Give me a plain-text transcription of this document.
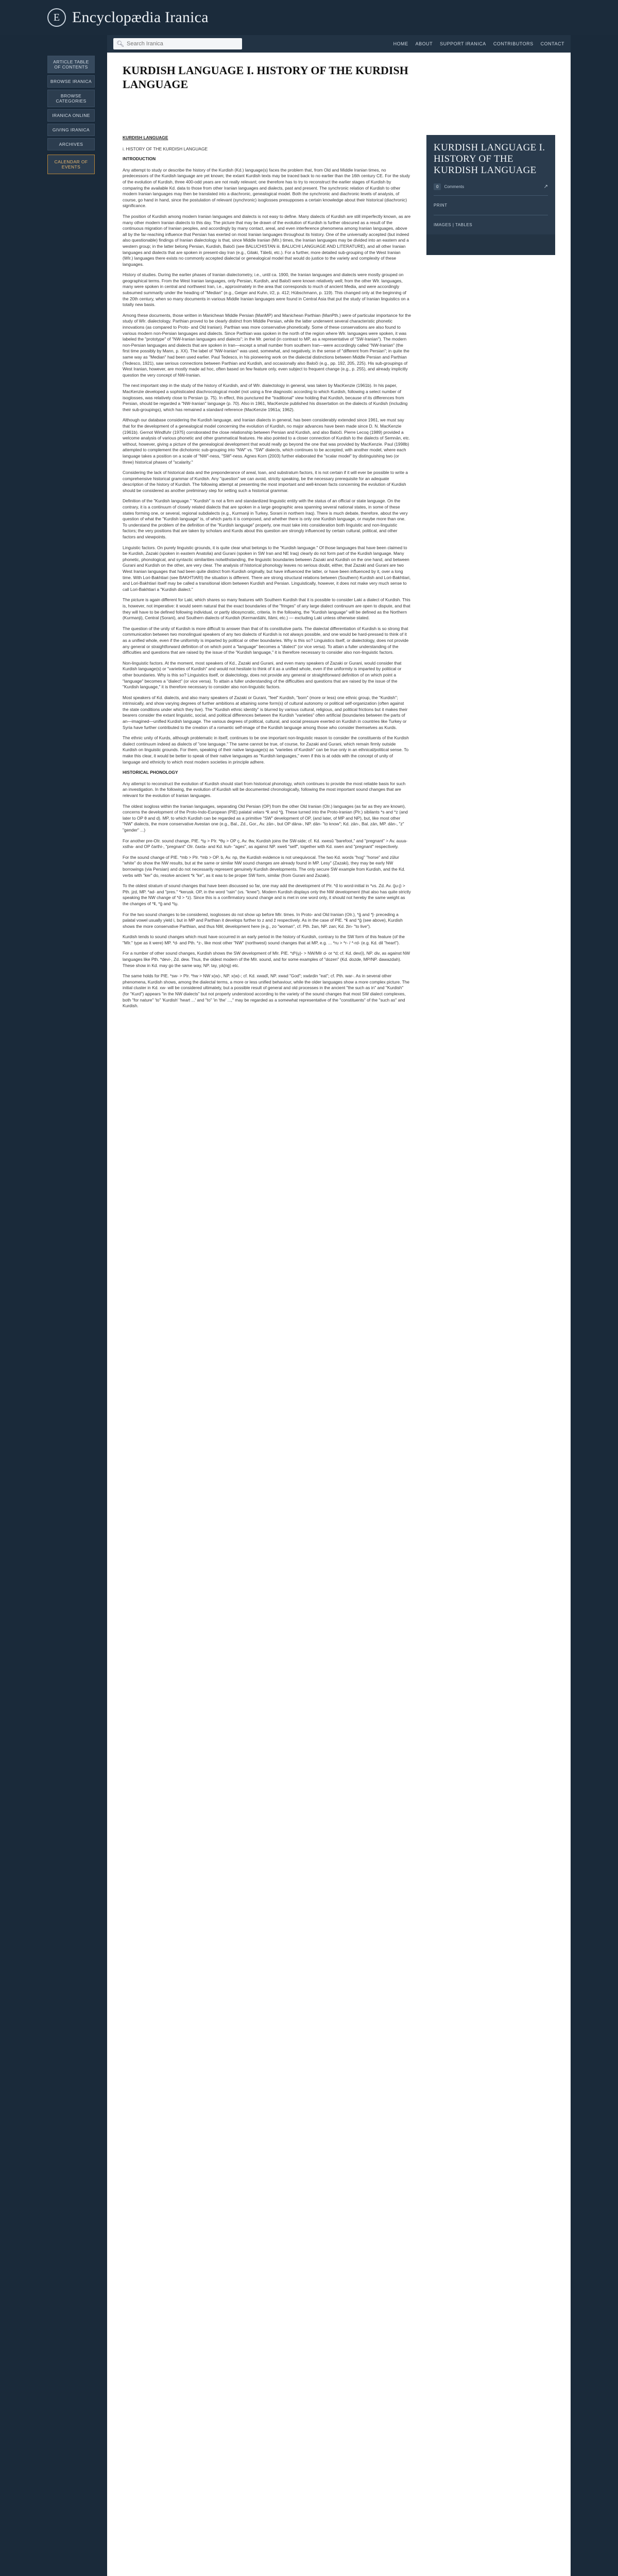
E Encyclopædia Iranica
🔍︎
Search Iranica	HOME ABOUT SUPPORT IRANICA CONTRIBUTORS CONTACT
ARTICLE TABLE OF CONTENTS
BROWSE IRANICA
BROWSE CATEGORIES
IRANICA ONLINE
GIVING IRANICA
ARCHIVES
CALENDAR OF EVENTS
KURDISH LANGUAGE I. HISTORY OF THE KURDISH LANGUAGE

KURDISH LANGUAGE

i. HISTORY OF THE KURDISH LANGUAGE

INTRODUCTION

Any attempt to study or describe the history of the Kurdish (Kd.) language(s) faces the problem that, from Old and Middle Iranian times, no predecessors of the Kurdish language are yet known; the extant Kurdish texts may be traced back to no earlier than the 16th century CE. For the study of the evolution of Kurdish, three 400-odd years are not really relevant; one therefore has to try to reconstruct the earlier stages of Kurdish by comparing the available Kd. data to those from other Iranian languages and dialects, past and present. The synchronic relation of Kurdish to other modern Iranian languages may then be translated into a diachronic, genealogical model. Both the synchronic and diachronic levels of analysis, of course, go hand in hand, since the postulation of relevant (synchronic) isoglosses presupposes a certain knowledge about their historical (diachronic) significance.

The position of Kurdish among modern Iranian languages and dialects is not easy to define. Many dialects of Kurdish are still imperfectly known, as are many other modern Iranian dialects to this day. The picture that may be drawn of the evolution of Kurdish is further obscured as a result of the continuous migration of Iranian peoples, and accordingly by many contact, areal, and even interference phenomena among Iranian languages, above all by the far-reaching influence that Persian has exerted on most Iranian languages throughout its history. One of the universally accepted (but indeed also questionable) findings of Iranian dialectology is that, since Middle Iranian (MIr.) times, the Iranian languages may be divided into an eastern and a western group; in the latter belong Persian, Kurdish, Baloči (see BALUCHISTAN iii. BALUCHI LANGUAGE AND LITERATURE), and all other Iranian languages and dialects that are spoken in present-day Iran (e.g., Gilaki, Tāleši, etc.). For a further, more detailed sub-grouping of the West Iranian (WIr.) languages there exists no commonly accepted dialectal or genealogical model that would do justice to the variety and complexity of these languages.

History of studies. During the earlier phases of Iranian dialectometry, i.e., until ca. 1900, the Iranian languages and dialects were mostly grouped on geographical terms. From the West Iranian languages, only Persian, Kurdish, and Baloči were known relatively well; from the other WIr. languages, many were spoken in central and northwest Iran, i.e., approximately in the area that corresponds to much of ancient Media, and were accordingly subsumed summarily under the heading of "Median" (e.g., Geiger and Kuhn, I/2, p. 412; Hübschmann, p. 119). This changed only at the beginning of the 20th century, when so many documents in various Middle Iranian languages were found in Central Asia that put the study of Iranian linguistics on a totally new basis.

Among these documents, those written in Manichean Middle Persian (ManMP) and Manichean Parthian (ManPth.) were of particular importance for the study of WIr. dialectology. Parthian proved to be clearly distinct from Middle Persian, while the latter underwent several characteristic phonetic innovations (as compared to Proto- and Old Iranian). Parthian was more conservative phonetically. Some of these conservations are also found to various modern non-Persian languages and dialects. Since Parthian was spoken in the north of the region where WIr. languages were spoken, it was labeled the "prototype" of "NW-Iranian languages and dialects"; in the Mr. period (in contrast to MP, as a representative of "SW-Iranian"). The modern non-Persian languages and dialects that are spoken in Iran—except a small number from southern Iran—were accordingly called "NW-Iranian" (the first time possibly by Mann, p. XX). The label of "NW-Iranian" was used, somewhat, and negatively, in the sense of "different from Persian"; in quite the same way as "Median" had been used earlier. Paul Tedesco, in his pioneering work on the dialectal distinctions between Middle Persian and Parthian (Tedesco, 1921), saw serious connections between Parthian and Kurdish, and occasionally also Baloči (e.g., pp. 192, 205, 225). His sub-groupings of West Iranian, however, are mostly made ad hoc, often based on few feature only, even subject to frequent change (e.g., p. 255), and already implicitly question the very concept of NW-Iranian.

The next important step in the study of the history of Kurdish, and of WIr. dialectology in general, was taken by MacKenzie (1961b). In his paper, MacKenzie developed a sophisticated diachrocological model (not using a fine diagnostic according to which Kurdish, following a select number of isoglosses, was relatively close to Persian (p. 75). In effect, this punctured the "traditional" view holding that Kurdish, because of its differences from Persian, should be regarded a "NW-Iranian" language (p. 70). Also in 1961, MacKenzie published his dissertation on the dialects of Kurdish (including their sub-groupings), which has remained a standard reference (MacKenzie 1961a; 1962).

Although our database considering the Kurdish language, and Iranian dialects in general, has been considerably extended since 1961, we must say that for the development of a genealogical model concerning the evolution of Kurdish, no major advances have been made since D. N. MacKenzie (1961b). Gernot Windfuhr (1975) corroborated the close relationship between Persian and Kurdish, and also Baloči. Pierre Lecoq (1989) provided a welcome analysis of various phonetic and other grammatical features. He also pointed to a closer connection of Kurdish to the dialects of Semnān, etc. without, however, giving a picture of the genealogical development that would really go beyond the one that was provided by MacKenzie. Paul (1998b) attempted to complement the dichotomic sub-grouping into "NW" vs. "SW" dialects, which continues to be accepted, with another model, where each language takes a position on a scale of "NW"-ness, "SW"-ness. Agnes Korn (2003) further elaborated the "scalar model" by distinguishing two (or three) historical phases of "scalarity."

Considering the lack of historical data and the preponderance of areal, loan, and substratum factors, it is not certain if it will ever be possible to write a comprehensive historical grammar of Kurdish. Any "question" we can avoid, strictly speaking, be the necessary prerequisite for an adequate description of the history of Kurdish. The following attempt at presenting the most important and well-known facts concerning the evolution of Kurdish should be considered as another preliminary step for setting such a historical grammar.

Definition of the "Kurdish language." "Kurdish" is not a firm and standardized linguistic entity with the status of an official or state language. On the contrary, it is a continuum of closely related dialects that are spoken in a large geographic area spanning several national states, in some of these states forming one, or several, regional subdialects (e.g., Kurmanji in Turkey, Sorani in northern Iraq). There is much debate, therefore, about the very question of what the "Kurdish language" is, of which parts it is composed, and whether there is only one Kurdish language, or maybe more than one. To understand the problem of the definition of the "Kurdish language" properly, one must take into consideration both linguistic and non-linguistic factors; the very positions that are taken by scholars and Kurds about this question are strongly influenced by certain cultural, political, and other factors and viewpoints.

Linguistic factors. On purely linguistic grounds, it is quite clear what belongs to the "Kurdish language." Of those languages that have been claimed to be Kurdish, Zazaki (spoken in eastern Anatolia) and Gurani (spoken in SW Iran and NE Iraq) clearly do not form part of the Kurdish language. Many phonetic, phonological, and syntactic similarities notwithstanding, the linguistic boundaries between Zazaki and Kurdish on the one hand, and between Gurani and Kurdish on the other, are very clear. The analysis of historical phonology leaves no serious doubt, either, that Zazaki and Gurani are two West Iranian languages that had been quite distinct from Kurdish originally, but have influenced the latter, or have been influenced by it, over a long time. With Lori-Bakhtiari (see BAKHTIARI) the situation is different. There are strong structural relations between (Southern) Kurdish and Lori-Bakhtiari, and Lori-Bakhtiari itself may be called a transitional idiom between Kurdish and Persian. Linguistically, however, it does not make very much sense to call Lori-Bakhtiari a "Kurdish dialect."

The picture is again different for Laki, which shares so many features with Southern Kurdish that it is possible to consider Laki a dialect of Kurdish. This is, however, not imperative: it would seem natural that the exact boundaries of the "fringes" of any large dialect continuum are open to dispute, and that they will have to be defined following individual, or partly idiosyncratic, criteria. In the following, the "Kurdish language" will be defined as the Northern (Kurmanji), Central (Sorani), and Southern dialects of Kurdish (Kermanšāhi, Ilāmi, etc.) — excluding Laki unless otherwise stated.

The question of the unity of Kurdish is more difficult to answer than that of its constitutive parts. The dialectal differentiation of Kurdish is so strong that communication between two monolingual speakers of any two dialects of Kurdish is not always possible, and one would be hard-pressed to think of it as a unified whole, even if the uniformity is imparted by political or other boundaries. Why is this so? Linguistics itself, or dialectology, does not provide any general or straightforward definition of on which point a "language" becomes a "dialect" (or vice versa). To attain a fuller understanding of the difficulties and questions that are raised by the issue of the "Kurdish language," it is therefore necessary to consider also non-linguistic factors.

Non-linguistic factors. At the moment, most speakers of Kd., Zazaki and Gurani, and even many speakers of Zazaki or Gurani, would consider that Kurdish language(s) or "varieties of Kurdish" and would not hesitate to think of it as a unified whole, even if the uniformity is imparted by political or other boundaries. Why is this so? Linguistics itself, or dialectology, does not provide any general or straightforward definition of on which point a "language" becomes a "dialect" (or vice versa). To attain a fuller understanding of the difficulties and questions that are raised by the issue of the "Kurdish language," it is therefore necessary to consider also non-linguistic factors.

Most speakers of Kd. dialects, and also many speakers of Zazaki or Gurani, "feel" Kurdish, "born" (more or less) one ethnic group, the "Kurdish"; intrinsically, and show varying degrees of further ambitions at attaining some form(s) of cultural autonomy or political self-organization (often against the state conditions under which they live). The "Kurdish ethnic identity" is blurred by various cultural, religious, and political frictions but it makes their bearers consider the extant linguistic, social, and political differences between the Kurdish "varieties" often artificial (boundaries between the parts of an—imagined—unified Kurdish language. The various degrees of political, cultural, and social pressure exerted on Kurdish in countries like Turkey or Syria have further contributed to the creation of a romantic self-image of the Kurdish language among those who consider themselves as Kurds.

The ethnic unity of Kurds, although problematic in itself, continues to be one important non-linguistic reason to consider the constituents of the Kurdish dialect continuum indeed as dialects of "one language." The same cannot be true, of course, for Zazaki and Gurani, which remain firmly outside Kurdish on linguistic grounds. For them, speaking of their native language(s) as "varieties of Kurdish" can be true only in an ethnical/political sense. To make this clear, it would be better to speak of their native languages as "Kurdish languages," even if this is at odds with the concept of unity of language and ethnicity to which most modern societies in principle adhere.

HISTORICAL PHONOLOGY

Any attempt to reconstruct the evolution of Kurdish should start from historical phonology, which continues to provide the most reliable basis for such an investigation. In the following, the evolution of Kurdish will be documented chronologically, following the most important sound changes that are relevant for the evolution of Iranian languages.

The oldest isogloss within the Iranian languages, separating Old Persian (OP) from the other Old Iranian (OIr.) languages (as far as they are known), concerns the development of the Proto-Indo-European (PIE) palatal velars *k̑ and *g̑. These turned into the Proto-Iranian (PIr.) sibilants *s and *z (and later to OP θ and d). MP, to which Kurdish can be regarded as a primitive "SW" development of OP, (and later, of MP and NP), but, like most other "NW" dialects, the more conservative Avestan one (e.g., Bal., Zd., Gor., Av. zān-, but OP dāna-, NP. dān- "to know"; Kd. zān-, Bal. zān, MP. dān-, "z" "gender" ...)

For another pre-OIr. sound change, PIE. *tu̯ > PIr. *θu̯ > OP ç, Av. θw, Kurdish joins the SW-side; cf. Kd. xwesû "barefoot," and "pregnant" > Av. auua- xstha- and OP čarthi-, "pregnant" OIr. čaxta- and Kd. kuh- "ages", as against NP. xweš "self", together with Kd. xwen and "pregnant" respectively.

For the sound change of PIE. *mb > PIr. *mb > OP. b, Av. np, the Kurdish evidence is not unequivocal. The two Kd. words "hog" "horse" and zûlur "white" do show the NW results, but at the same or similar NW sound changes are already found in MP. Lesy" (Zazaki), they may be early NW borrowings (via Persian) and do not necessarily represent genuinely Kurdish developments. The only secure SW example from Kurdish, and the Kd. verbs with "ker" do, resolve ancient *k "ke", as it was to be proper SW form, similar (from Gurani and Zazaki).

To the oldest stratum of sound changes that have been discussed so far, one may add the development of PIr. *d́ to word-initial in *vs. Zd. Av. (ju-j) > Pth. jzd, MP. *ad- and "pres." *kerusk. OP, in the word "rain" (vs. "knee"). Modern Kurdish displays only the NW development (that also has quite strictly speaking the NW change of *d́ > *z). Since this is a confirmatory sound change and is met in one word only, it should not hereby the same weight as the changes of *k̑, *g̑ and *tu̯.

For the two sound changes to be considered, isoglosses do not show up before MIr. times. In Proto- and Old Iranian (OIr.), *g̑ and *ǰ- preceding a palatal vowel usually yield i, but in MP and Parthian it develops further to z and ž respectively. As in the case of PIE. *k̑ and *g̑ (see above), Kurdish shows the more conservative Parthian, and thus NW, development here (e.g., zo "woman", cf. Pth. žan, NP. zan; Kd. žin- "to live").

Kurdish tends to sound changes which must have occurred in an early period in the history of Kurdish, contrary to the SW form of this feature (of the "MIr." type as it were) MP. *d- and Pth. *z-, like most other "NW" (northwest) sound changes that at MP, e.g. ... *ru > *r- / *-rd- (e.g. Kd. dil "heart").

For a number of other sound changes, Kurdish shows the SW development of MIr. PIE. *dʰ(u̯)- > NW/MIr d- or *d; cf. Kd. dev(i), NP. div, as against NW languages like Pth. *devi-, Zd. dew. Thus, the oldest modern of the MIr. sound, and for some examples of "dozen" (Kd. dozde, MP/NP. dawazdah). These show in Kd. may go the same way, NP. tay, yā(ng) etc.

The same holds for PIE. *sw- > PIr. *hw > NW x(w)-, NP. x(w)-; cf. Kd. xwadî, NP. xwad "God"; xwārdin "eat"; cf. Pth. war-. As in several other phenomena, Kurdish shows, among the dialectal terms, a more or less unified behaviour, while the older languages show a more complex picture. The initial cluster in Kd. xw- will be considered ultimately, but a possible result of general and old processes in the ancient "the such as in" and "Kurdish" (for "Kurd") appears "in the NW dialects" but not properly understood according to the variety of the sound changes that most SW dialect complexes, both "for nature" 'to" 'Kurdish' 'heart ...' and "to" 'in 'the' ...," may be regarded as a somewhat representative of the "constituents" of the "such as" and Kurdish.

KURDISH LANGUAGE I. HISTORY OF THE KURDISH LANGUAGE
0	Comments	↗
PRINT
IMAGES | TABLES
